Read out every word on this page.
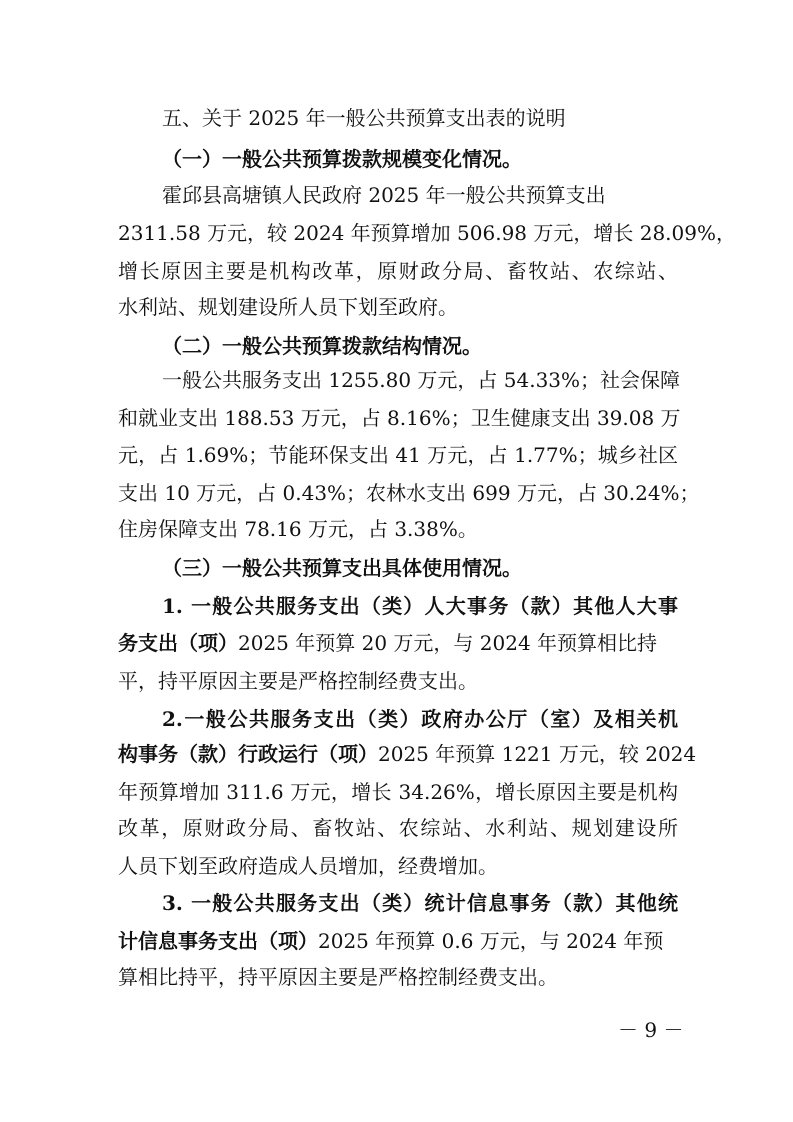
五、关于 2025 年一般公共预算支出表的说明
（一）一般公共预算拨款规模变化情况。
霍邱县高塘镇人民政府 2025 年一般公共预算支出
2311.58 万元，较 2024 年预算增加 506.98 万元，增长 28.09%，
增长原因主要是机构改革，原财政分局、畜牧站、农综站、
水利站、规划建设所人员下划至政府。
（二）一般公共预算拨款结构情况。
一般公共服务支出 1255.80 万元，占 54.33%；社会保障
和就业支出 188.53 万元，占 8.16%；卫生健康支出 39.08 万
元，占 1.69%；节能环保支出 41 万元，占 1.77%；城乡社区
支出 10 万元，占 0.43%；农林水支出 699 万元，占 30.24%；
住房保障支出 78.16 万元，占 3.38%。
（三）一般公共预算支出具体使用情况。
1. 一般公共服务支出（类）人大事务（款）其他人大事
务支出（项）2025 年预算 20 万元，与 2024 年预算相比持
平，持平原因主要是严格控制经费支出。
2.一般公共服务支出（类）政府办公厅（室）及相关机
构事务（款）行政运行（项）2025 年预算 1221 万元，较 2024
年预算增加 311.6 万元，增长 34.26%，增长原因主要是机构
改革，原财政分局、畜牧站、农综站、水利站、规划建设所
人员下划至政府造成人员增加，经费增加。
3. 一般公共服务支出（类）统计信息事务（款）其他统
计信息事务支出（项）2025 年预算 0.6 万元，与 2024 年预
算相比持平，持平原因主要是严格控制经费支出。
－ 9 －
